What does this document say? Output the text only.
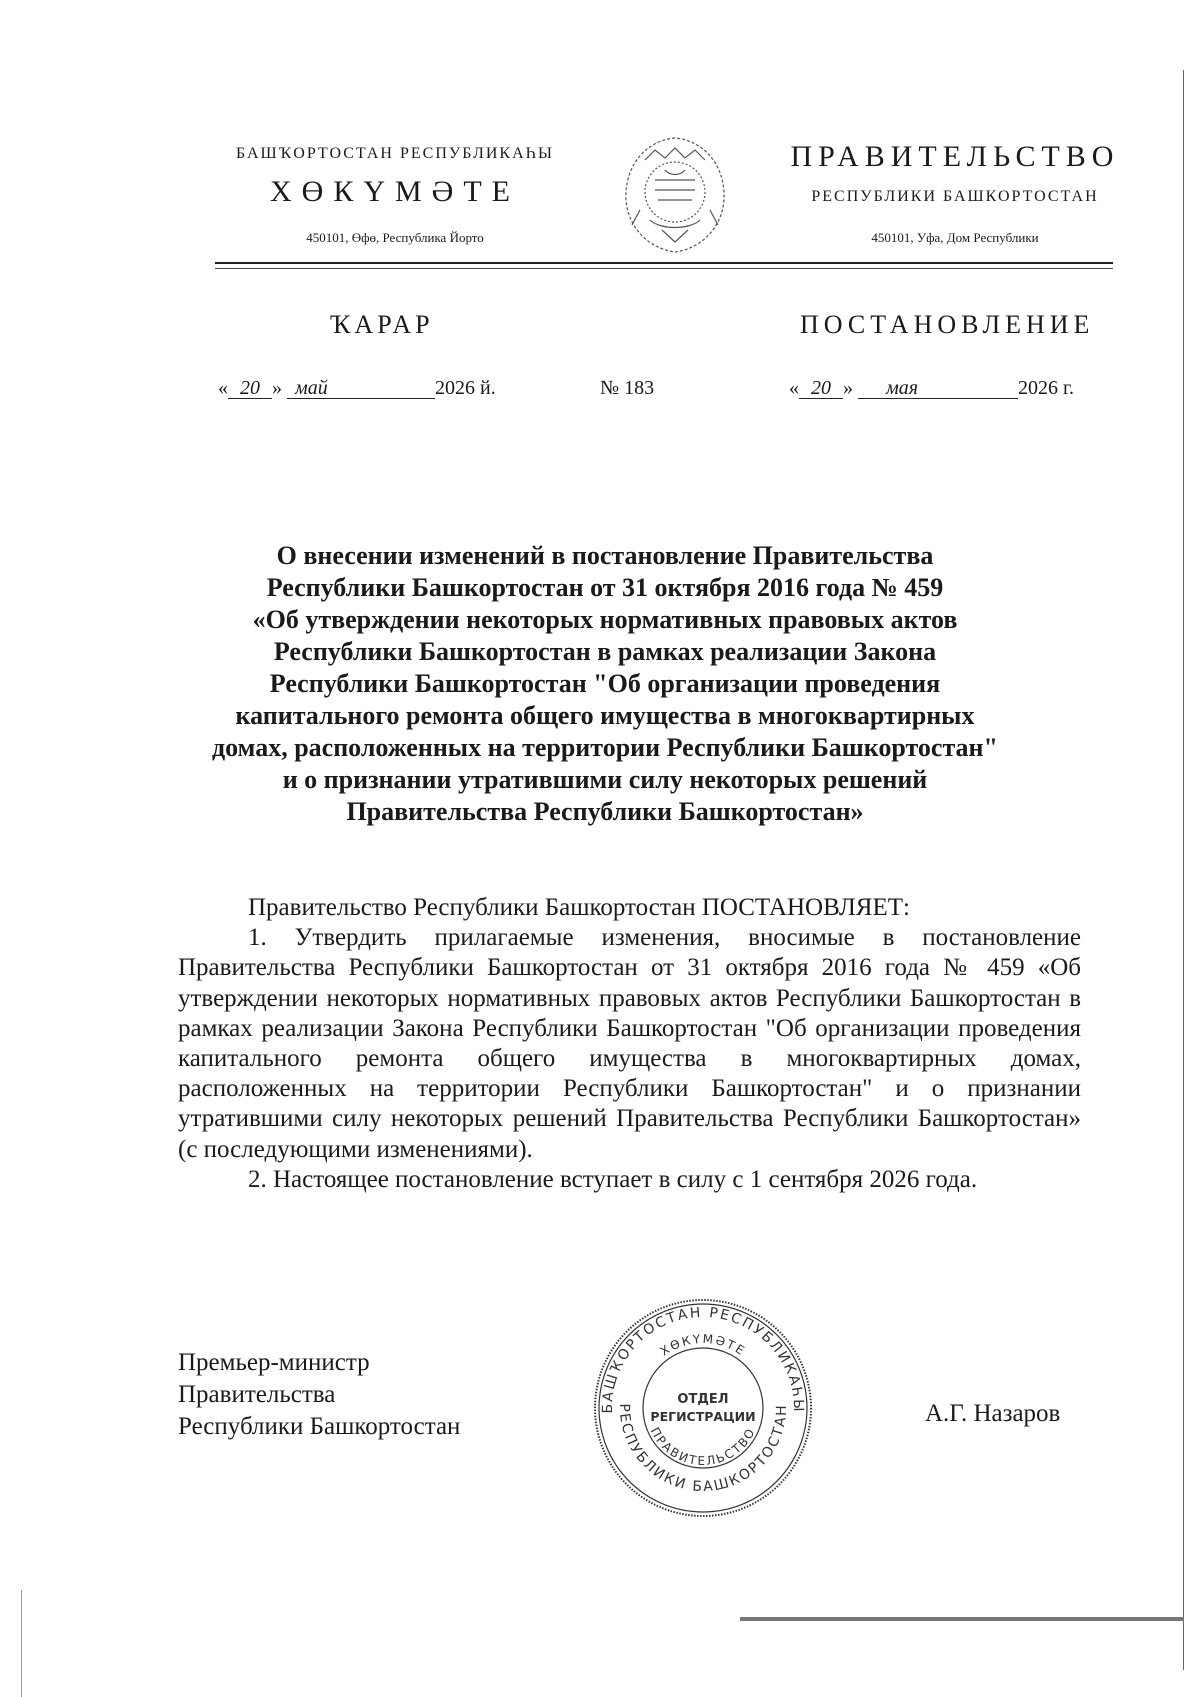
БАШҠОРТОСТАН РЕСПУБЛИКАҺЫ
ХӨКҮМӘТЕ
450101, Өфө, Республика Йорто
ПРАВИТЕЛЬСТВО
РЕСПУБЛИКИ БАШКОРТОСТАН
450101, Уфа, Дом Республики
ҠАРАР	ПОСТАНОВЛЕНИЕ
« 20 » май	2026 й.	№ 183	« 20 » мая	2026 г.
О внесении изменений в постановление Правительства
Республики Башкортостан от 31 октября 2016 года № 459
«Об утверждении некоторых нормативных правовых актов
Республики Башкортостан в рамках реализации Закона
Республики Башкортостан "Об организации проведения
капитального ремонта общего имущества в многоквартирных
домах, расположенных на территории Республики Башкортостан"
и о признании утратившими силу некоторых решений
Правительства Республики Башкортостан»

Правительство Республики Башкортостан ПОСТАНОВЛЯЕТ:

1. Утвердить прилагаемые изменения, вносимые в постановление Правительства Республики Башкортостан от 31 октября 2016 года № 459 «Об утверждении некоторых нормативных правовых актов Республики Башкортостан в рамках реализации Закона Республики Башкортостан "Об организации проведения капитального ремонта общего имущества в многоквартирных домах, расположенных на территории Республики Башкортостан" и о признании утратившими силу некоторых решений Правительства Республики Башкортостан» (с последующими изменениями).

2. Настоящее постановление вступает в силу с 1 сентября 2026 года.

Премьер-министр
Правительства
Республики Башкортостан	А.Г. Назаров
БАШҠОРТОСТАН РЕСПУБЛИКАҺЫ
ХӨКҮМӘТЕ
РЕСПУБЛИКИ БАШКОРТОСТАН
ПРАВИТЕЛЬСТВО
ОТДЕЛ
РЕГИСТРАЦИИ
